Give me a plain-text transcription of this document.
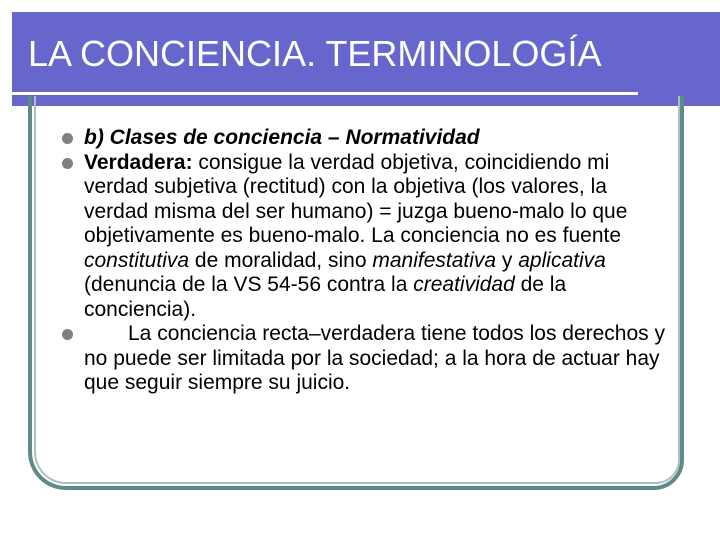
LA CONCIENCIA. TERMINOLOGÍA
b) Clases de conciencia – Normatividad
Verdadera: consigue la verdad objetiva, coincidiendo mi verdad subjetiva (rectitud) con la objetiva (los valores, la verdad misma del ser humano) = juzga bueno-malo lo que objetivamente es bueno-malo. La conciencia no es fuente constitutiva de moralidad, sino manifestativa y aplicativa (denuncia de la VS 54-56 contra la creatividad de la conciencia).
La conciencia recta–verdadera tiene todos los derechos y no puede ser limitada por la sociedad; a la hora de actuar hay que seguir siempre su juicio.
